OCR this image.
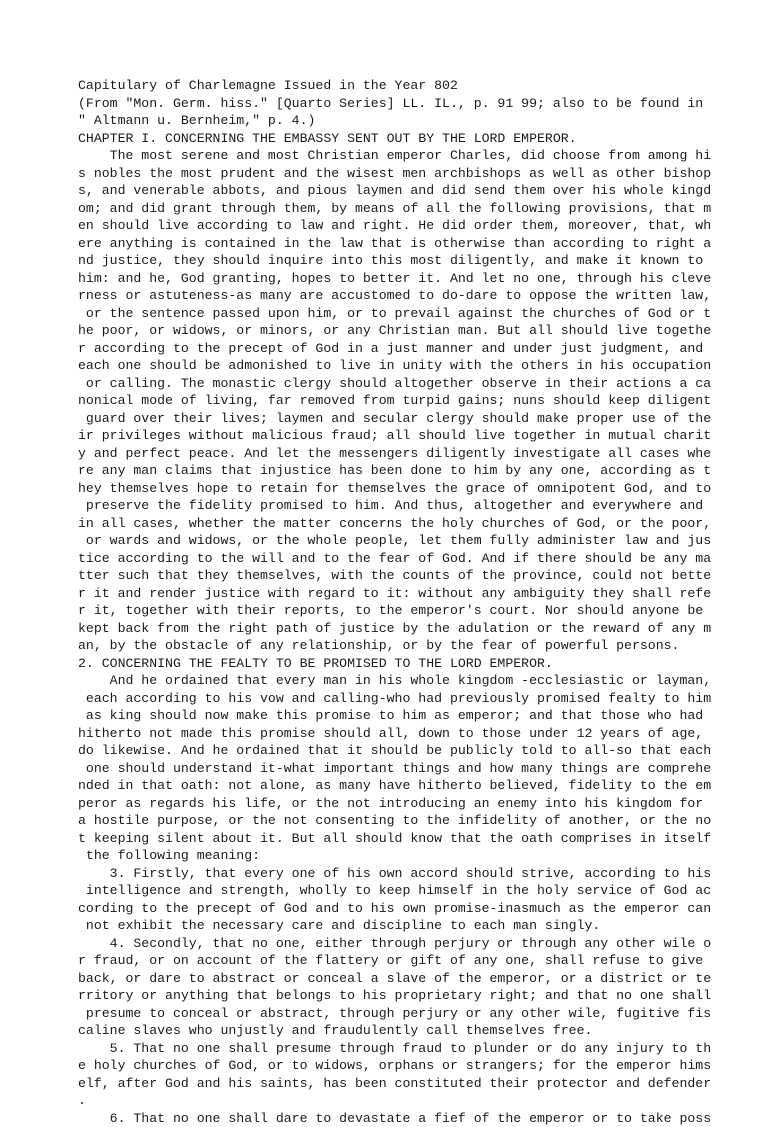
Capitulary of Charlemagne Issued in the Year 802
(From "Mon. Germ. hiss." [Quarto Series] LL. IL., p. 91 99; also to be found in
" Altmann u. Bernheim," p. 4.)
CHAPTER I. CONCERNING THE EMBASSY SENT OUT BY THE LORD EMPEROR.
The most serene and most Christian emperor Charles, did choose from among hi
s nobles the most prudent and the wisest men archbishops as well as other bishop
s, and venerable abbots, and pious laymen and did send them over his whole kingd
om; and did grant through them, by means of all the following provisions, that m
en should live according to law and right. He did order them, moreover, that, wh
ere anything is contained in the law that is otherwise than according to right a
nd justice, they should inquire into this most diligently, and make it known to
him: and he, God granting, hopes to better it. And let no one, through his cleve
rness or astuteness-as many are accustomed to do-dare to oppose the written law,
or the sentence passed upon him, or to prevail against the churches of God or t
he poor, or widows, or minors, or any Christian man. But all should live togethe
r according to the precept of God in a just manner and under just judgment, and
each one should be admonished to live in unity with the others in his occupation
or calling. The monastic clergy should altogether observe in their actions a ca
nonical mode of living, far removed from turpid gains; nuns should keep diligent
guard over their lives; laymen and secular clergy should make proper use of the
ir privileges without malicious fraud; all should live together in mutual charit
y and perfect peace. And let the messengers diligently investigate all cases whe
re any man claims that injustice has been done to him by any one, according as t
hey themselves hope to retain for themselves the grace of omnipotent God, and to
preserve the fidelity promised to him. And thus, altogether and everywhere and
in all cases, whether the matter concerns the holy churches of God, or the poor,
or wards and widows, or the whole people, let them fully administer law and jus
tice according to the will and to the fear of God. And if there should be any ma
tter such that they themselves, with the counts of the province, could not bette
r it and render justice with regard to it: without any ambiguity they shall refe
r it, together with their reports, to the emperor's court. Nor should anyone be
kept back from the right path of justice by the adulation or the reward of any m
an, by the obstacle of any relationship, or by the fear of powerful persons.
2. CONCERNING THE FEALTY TO BE PROMISED TO THE LORD EMPEROR.
And he ordained that every man in his whole kingdom -ecclesiastic or layman,
each according to his vow and calling-who had previously promised fealty to him
as king should now make this promise to him as emperor; and that those who had
hitherto not made this promise should all, down to those under 12 years of age,
do likewise. And he ordained that it should be publicly told to all-so that each
one should understand it-what important things and how many things are comprehe
nded in that oath: not alone, as many have hitherto believed, fidelity to the em
peror as regards his life, or the not introducing an enemy into his kingdom for
a hostile purpose, or the not consenting to the infidelity of another, or the no
t keeping silent about it. But all should know that the oath comprises in itself
the following meaning:
3. Firstly, that every one of his own accord should strive, according to his
intelligence and strength, wholly to keep himself in the holy service of God ac
cording to the precept of God and to his own promise-inasmuch as the emperor can
not exhibit the necessary care and discipline to each man singly.
4. Secondly, that no one, either through perjury or through any other wile o
r fraud, or on account of the flattery or gift of any one, shall refuse to give
back, or dare to abstract or conceal a slave of the emperor, or a district or te
rritory or anything that belongs to his proprietary right; and that no one shall
presume to conceal or abstract, through perjury or any other wile, fugitive fis
caline slaves who unjustly and fraudulently call themselves free.
5. That no one shall presume through fraud to plunder or do any injury to th
e holy churches of God, or to widows, orphans or strangers; for the emperor hims
elf, after God and his saints, has been constituted their protector and defender
.
6. That no one shall dare to devastate a fief of the emperor or to take poss
